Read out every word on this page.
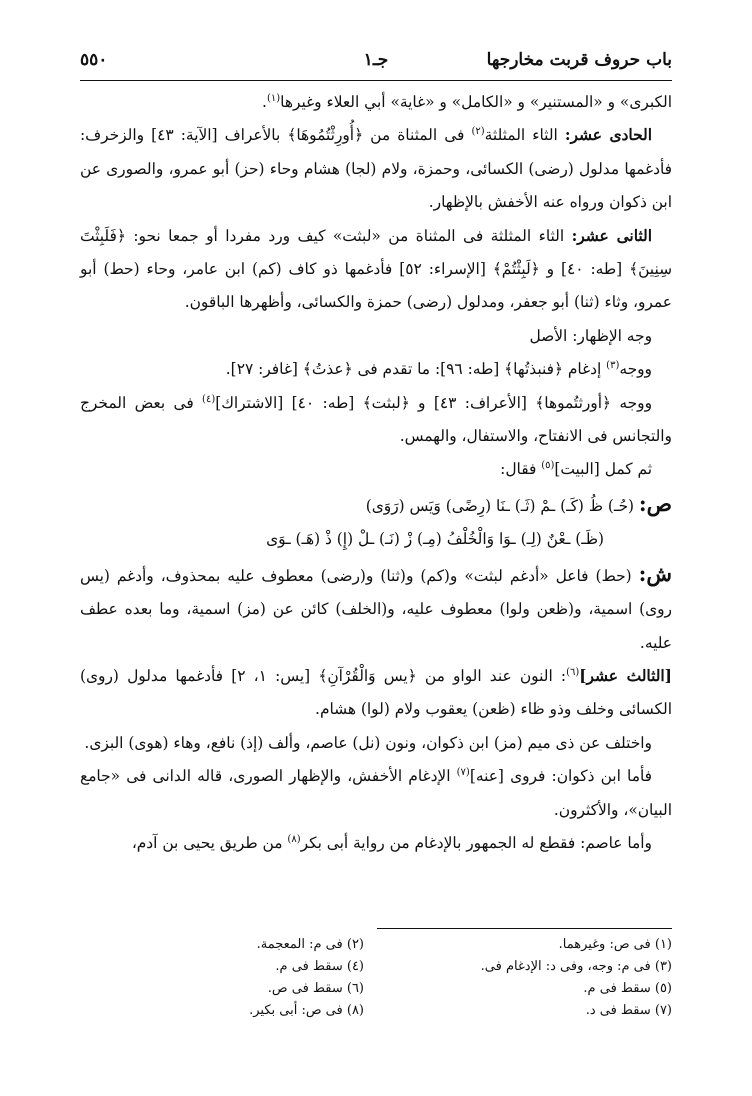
باب حروف قربت مخارجها
جـ١
٥٥٠

الكبرى» و «المستنير» و «الكامل» و «غاية» أبي العلاء وغيرها$^{(١)}$.

الحادى عشر: الثاء المثلثة$^{(٢)}$ فى المثناة من ﴿أُورِثْتُمُوهَا﴾ بالأعراف [الآية: ٤٣] والزخرف: فأدغمها مدلول (رضى) الكسائى، وحمزة، ولام (لجا) هشام وحاء (حز) أبو عمرو، والصورى عن ابن ذكوان ورواه عنه الأخفش بالإظهار.

الثانى عشر: الثاء المثلثة فى المثناة من «لبثت» كيف ورد مفردا أو جمعا نحو: ﴿فَلَبِثْتَ سِنِينَ﴾ [طه: ٤٠] و ﴿لَبِثْتُمْ﴾ [الإسراء: ٥٢] فأدغمها ذو كاف (كم) ابن عامر، وحاء (حط) أبو عمرو، وثاء (ثنا) أبو جعفر، ومدلول (رضى) حمزة والكسائى، وأظهرها الباقون.

وجه الإظهار: الأصل

ووجه$^{(٣)}$ إدغام ﴿فنبذتُها﴾ [طه: ٩٦]: ما تقدم فى ﴿عذتُ﴾ [غافر: ٢٧].

ووجه ﴿أورثتُموها﴾ [الأعراف: ٤٣] و ﴿لبثت﴾ [طه: ٤٠] [الاشتراك]$^{(٤)}$ فى بعض المخرج والتجانس فى الانفتاح، والاستفال، والهمس.

ثم كمل [البيت]$^{(٥)}$ فقال:

ص: (حُـ) ظُ (كَـ) ـمْ (ثَـ) ـنَا (رِضًى) وَيَس (رَوَى)

(ظَـ) ـعْنٌ (لِـ) ـوَا وَالْخُلْفُ (مِـ) زْ (نَـ) ـلْ (إِ) ذْ (هَـ) ـوَى

ش: (حط) فاعل «أدغم لبثت» و(كم) و(ثنا) و(رضى) معطوف عليه بمحذوف، وأدغم (يس روى) اسمية، و(ظعن ولوا) معطوف عليه، و(الخلف) كائن عن (مز) اسمية، وما بعده عطف عليه.

[الثالث عشر]$^{(٦)}$: النون عند الواو من ﴿يس وَالْقُرْآنِ﴾ [يس: ١، ٢] فأدغمها مدلول (روى) الكسائى وخلف وذو ظاء (ظعن) يعقوب ولام (لوا) هشام.

واختلف عن ذى ميم (مز) ابن ذكوان، ونون (نل) عاصم، وألف (إذ) نافع، وهاء (هوى) البزى.

فأما ابن ذكوان: فروى [عنه]$^{(٧)}$ الإدغام الأخفش، والإظهار الصورى، قاله الدانى فى «جامع البيان»، والأكثرون.

وأما عاصم: فقطع له الجمهور بالإدغام من رواية أبى بكر$^{(٨)}$ من طريق يحيى بن آدم،

(١) فى ص: وغيرهما.
(٢) فى م: المعجمة.
(٣) فى م: وجه، وفى د: الإدغام فى.
(٤) سقط فى م.
(٥) سقط فى م.
(٦) سقط فى ص.
(٧) سقط فى د.
(٨) فى ص: أبى بكير.
